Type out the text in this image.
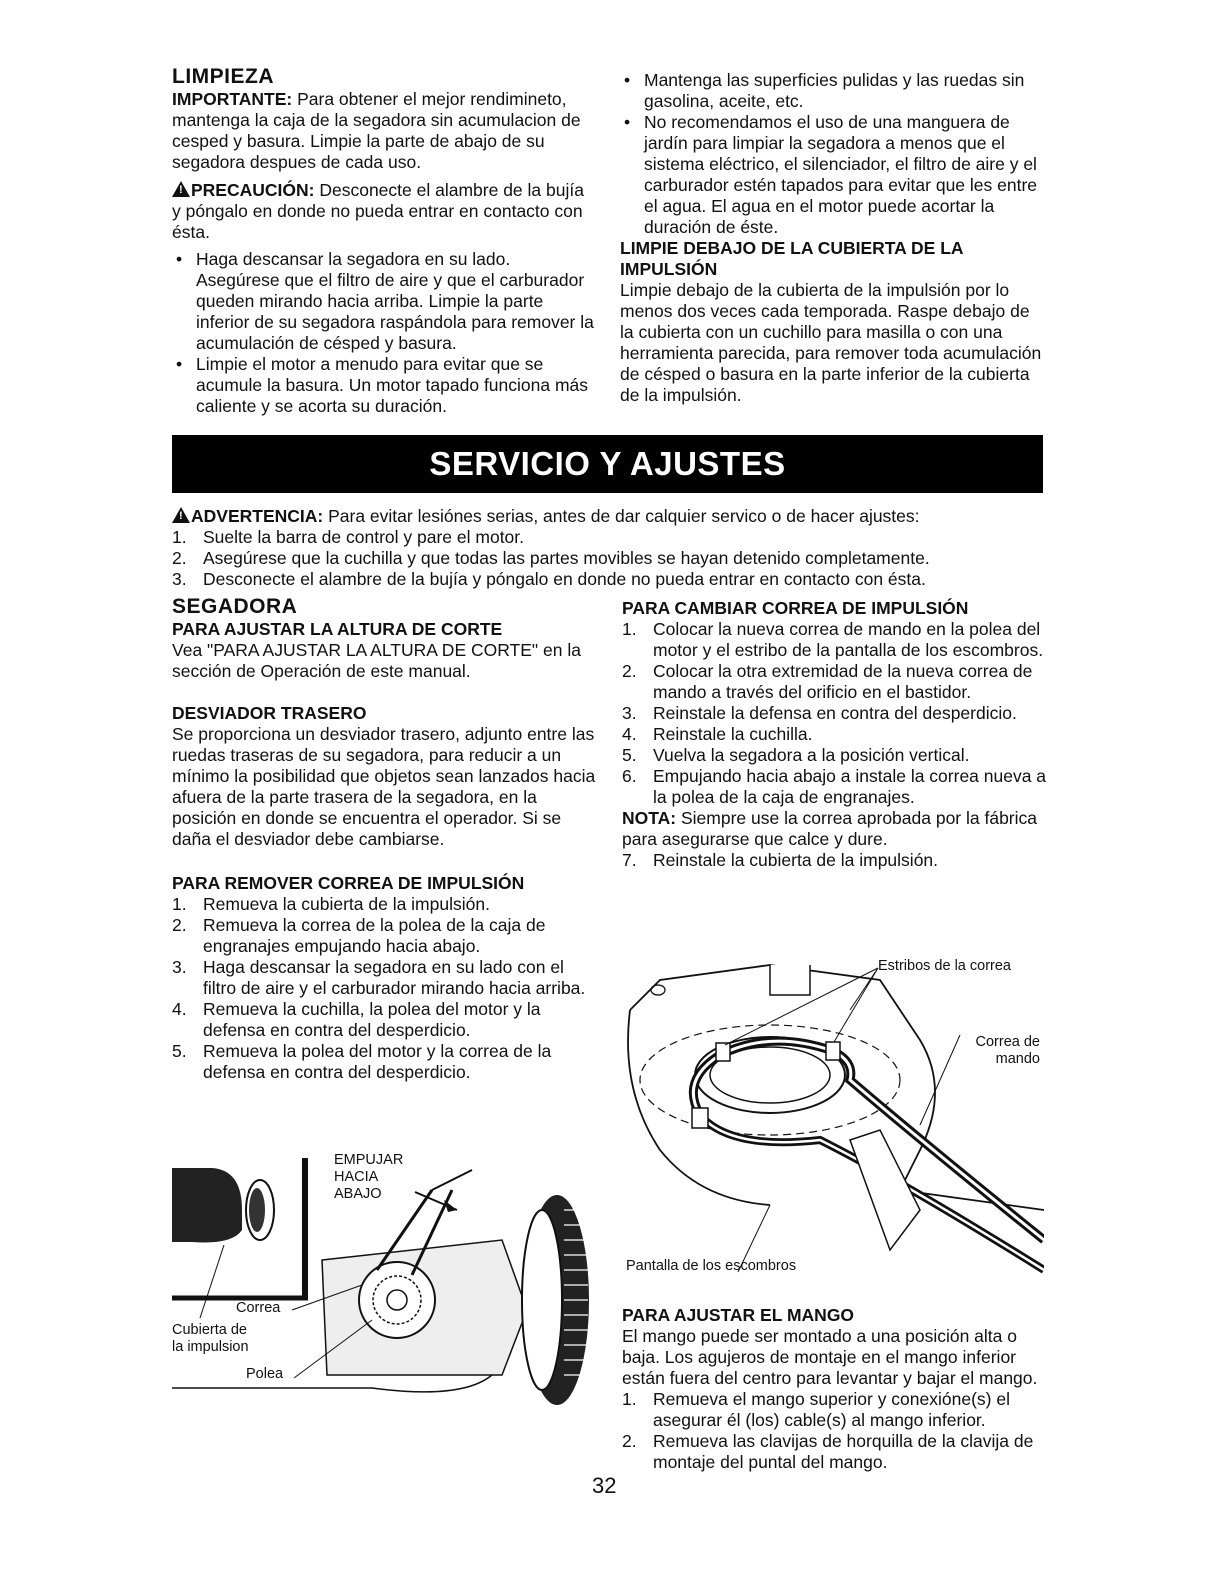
LIMPIEZA

IMPORTANTE: Para obtener el mejor rendimineto, mantenga la caja de la segadora sin acumulacion de cesped y basura. Limpie la parte de abajo de su segadora despues de cada uso.

!PRECAUCIÓN: Desconecte el alambre de la bujía y póngalo en donde no pueda entrar en contacto con ésta.

• Haga descansar la segadora en su lado. Asegúrese que el filtro de aire y que el carburador queden mirando hacia arriba. Limpie la parte inferior de su segadora raspándola para remover la acumulación de césped y basura.

• Limpie el motor a menudo para evitar que se acumule la basura. Un motor tapado funciona más caliente y se acorta su duración.

• Mantenga las superficies pulidas y las ruedas sin gasolina, aceite, etc.

• No recomendamos el uso de una manguera de jardín para limpiar la segadora a menos que el sistema eléctrico, el silenciador, el filtro de aire y el carburador estén tapados para evitar que les entre el agua. El agua en el motor puede acortar la duración de éste.

LIMPIE DEBAJO DE LA CUBIERTA DE LA IMPULSIÓN

Limpie debajo de la cubierta de la impulsión por lo menos dos veces cada temporada. Raspe debajo de la cubierta con un cuchillo para masilla o con una herramienta parecida, para remover toda acumulación de césped o basura en la parte inferior de la cubierta de la impulsión.

SERVICIO Y AJUSTES

!ADVERTENCIA: Para evitar lesiónes serias, antes de dar calquier servico o de hacer ajustes:

1. Suelte la barra de control y pare el motor.

2. Asegúrese que la cuchilla y que todas las partes movibles se hayan detenido completamente.

3. Desconecte el alambre de la bujía y póngalo en donde no pueda entrar en contacto con ésta.

SEGADORA
PARA AJUSTAR LA ALTURA DE CORTE

Vea "PARA AJUSTAR LA ALTURA DE CORTE" en la sección de Operación de este manual.

DESVIADOR TRASERO

Se proporciona un desviador trasero, adjunto entre las ruedas traseras de su segadora, para reducir a un mínimo la posibilidad que objetos sean lanzados hacia afuera de la parte trasera de la segadora, en la posición en donde se encuentra el operador. Si se daña el desviador debe cambiarse.

PARA REMOVER CORREA DE IMPULSIÓN

1. Remueva la cubierta de la impulsión.

2. Remueva la correa de la polea de la caja de engranajes empujando hacia abajo.

3. Haga descansar la segadora en su lado con el filtro de aire y el carburador mirando hacia arriba.

4. Remueva la cuchilla, la polea del motor y la defensa en contra del desperdicio.

5. Remueva la polea del motor y la correa de la defensa en contra del desperdicio.

PARA CAMBIAR CORREA DE IMPULSIÓN

1. Colocar la nueva correa de mando en la polea del motor y el estribo de la pantalla de los escombros.

2. Colocar la otra extremidad de la nueva correa de mando a través del orificio en el bastidor.

3. Reinstale la defensa en contra del desperdicio.

4. Reinstale la cuchilla.

5. Vuelva la segadora a la posición vertical.

6. Empujando hacia abajo a instale la correa nueva a la polea de la caja de engranajes.

NOTA: Siempre use la correa aprobada por la fábrica para asegurarse que calce y dure.

7. Reinstale la cubierta de la impulsión.

PARA AJUSTAR EL MANGO

El mango puede ser montado a una posición alta o baja. Los agujeros de montaje en el mango inferior están fuera del centro para levantar y bajar el mango.

1. Remueva el mango superior y conexióne(s) el asegurar él (los) cable(s) al mango inferior.

2. Remueva las clavijas de horquilla de la clavija de montaje del puntal del mango.

EMPUJAR
HACIA
ABAJO
Correa
Cubierta de
la impulsion
Polea
Estribos de la correa
Correa de
mando
Pantalla de los escombros
32
